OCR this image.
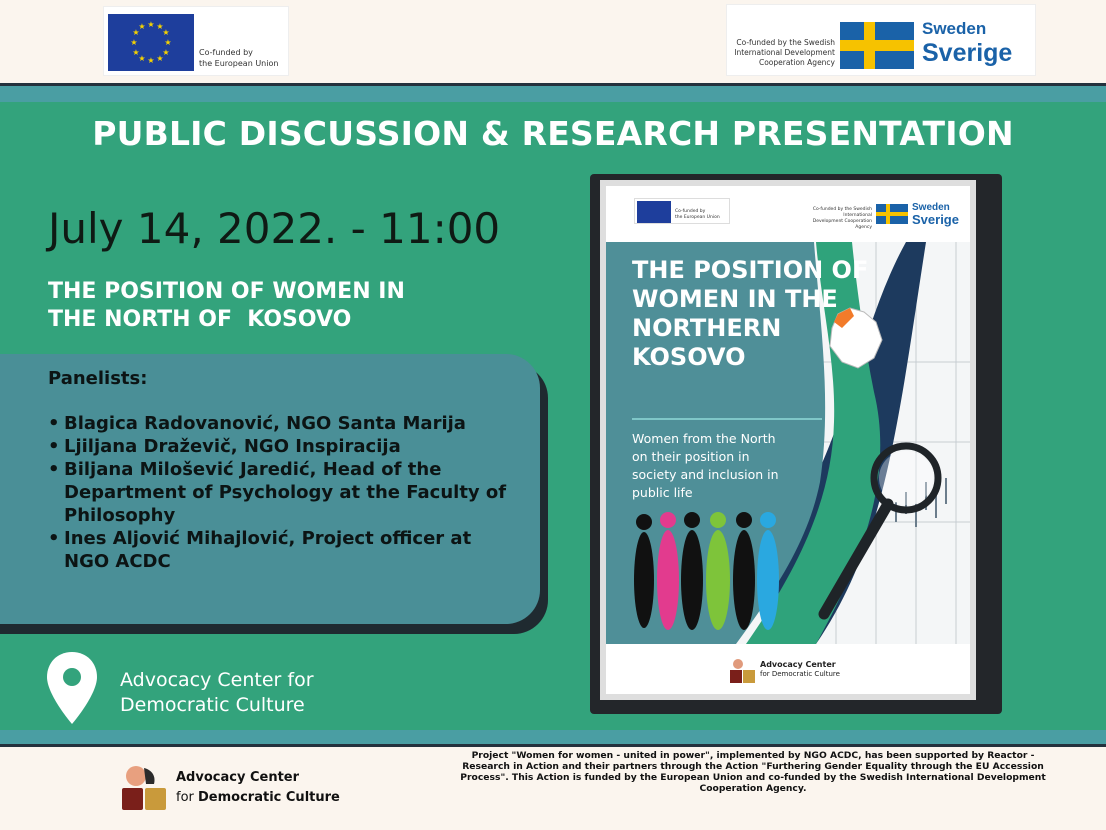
★ ★
★
★
★
★
★
★
★
★
★
★
Co-funded by
the European Union
Co-funded by the Swedish International Development Cooperation Agency
Sweden
Sverige
PUBLIC DISCUSSION & RESEARCH PRESENTATION
July 14, 2022. - 11:00
THE POSITION OF WOMEN IN
THE NORTH OF  KOSOVO
Panelists:
• Blagica Radovanović, NGO Santa Marija
• Ljiljana Draževič, NGO Inspiracija
• Biljana Milošević Jaredić, Head of the Department of Psychology at the Faculty of Philosophy
• Ines Aljović Mihajlović, Project officer at NGO ACDC
Advocacy Center for
Democratic Culture
Co-funded by
the European Union
Co-funded by the Swedish International Development Cooperation Agency
Sweden
Sverige
THE POSITION OF WOMEN IN THE NORTHERN KOSOVO
Women from the North on their position in society and inclusion in public life
Advocacy Center
for Democratic Culture
Advocacy Center
for Democratic Culture
Project "Women for women - united in power", implemented by NGO ACDC, has been supported by Reactor - Research in Action and their partners through the Action "Furthering Gender Equality through the EU Accession Process". This Action is funded by the European Union and co-funded by the Swedish International Development Cooperation Agency.
